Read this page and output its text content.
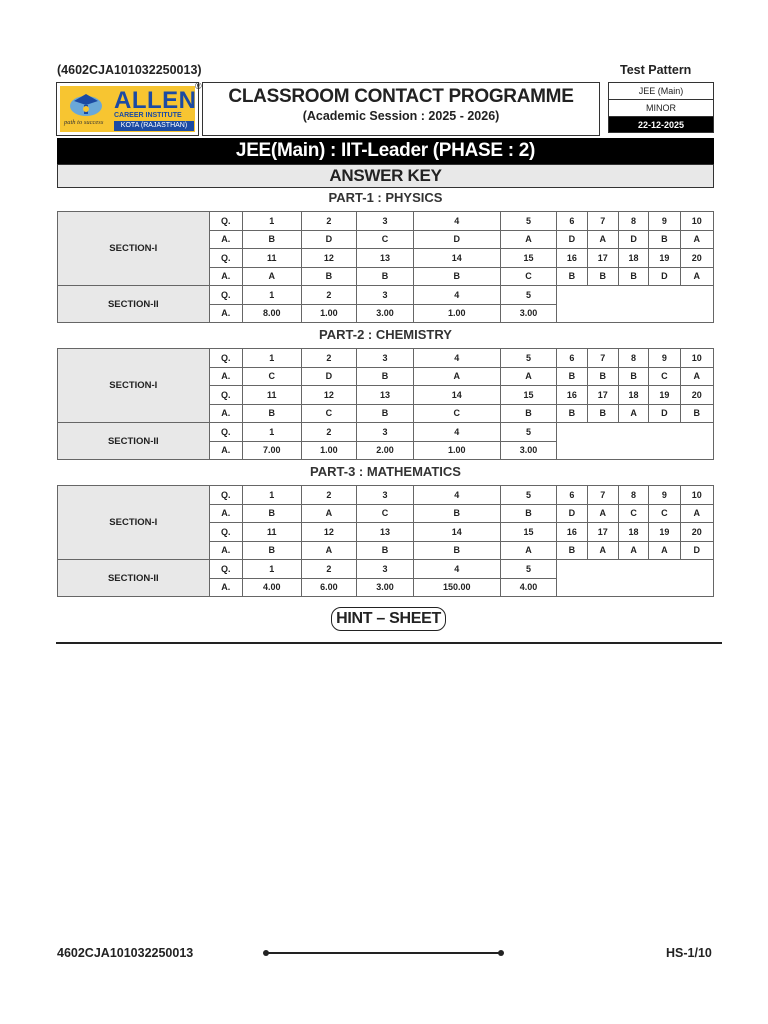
(4602CJA101032250013)	Test Pattern
ALLEN
CAREER INSTITUTE
KOTA (RAJASTHAN)
path to success
®	CLASSROOM CONTACT PROGRAMME
(Academic Session : 2025 - 2026)
JEE (Main)
MINOR
22-12-2025
JEE(Main) : IIT-Leader (PHASE : 2)
ANSWER KEY
PART-1 : PHYSICS
SECTION-I	Q.	1	2	3	4	5	6	7	8	9	10
	A.	B	D	C	D	A	D	A	D	B	A
	Q.	11	12	13	14	15	16	17	18	19	20
	A.	A	B	B	B	C	B	B	B	D	A
SECTION-II	Q.	1	2	3	4	5					
	A.	8.00	1.00	3.00	1.00	3.00					
PART-2 : CHEMISTRY
SECTION-I	Q.	1	2	3	4	5	6	7	8	9	10
	A.	C	D	B	A	A	B	B	B	C	A
	Q.	11	12	13	14	15	16	17	18	19	20
	A.	B	C	B	C	B	B	B	A	D	B
SECTION-II	Q.	1	2	3	4	5					
	A.	7.00	1.00	2.00	1.00	3.00					
PART-3 : MATHEMATICS
SECTION-I	Q.	1	2	3	4	5	6	7	8	9	10
	A.	B	A	C	B	B	D	A	C	C	A
	Q.	11	12	13	14	15	16	17	18	19	20
	A.	B	A	B	B	A	B	A	A	A	D
SECTION-II	Q.	1	2	3	4	5					
	A.	4.00	6.00	3.00	150.00	4.00					
HINT – SHEET
4602CJA101032250013	HS-1/10
